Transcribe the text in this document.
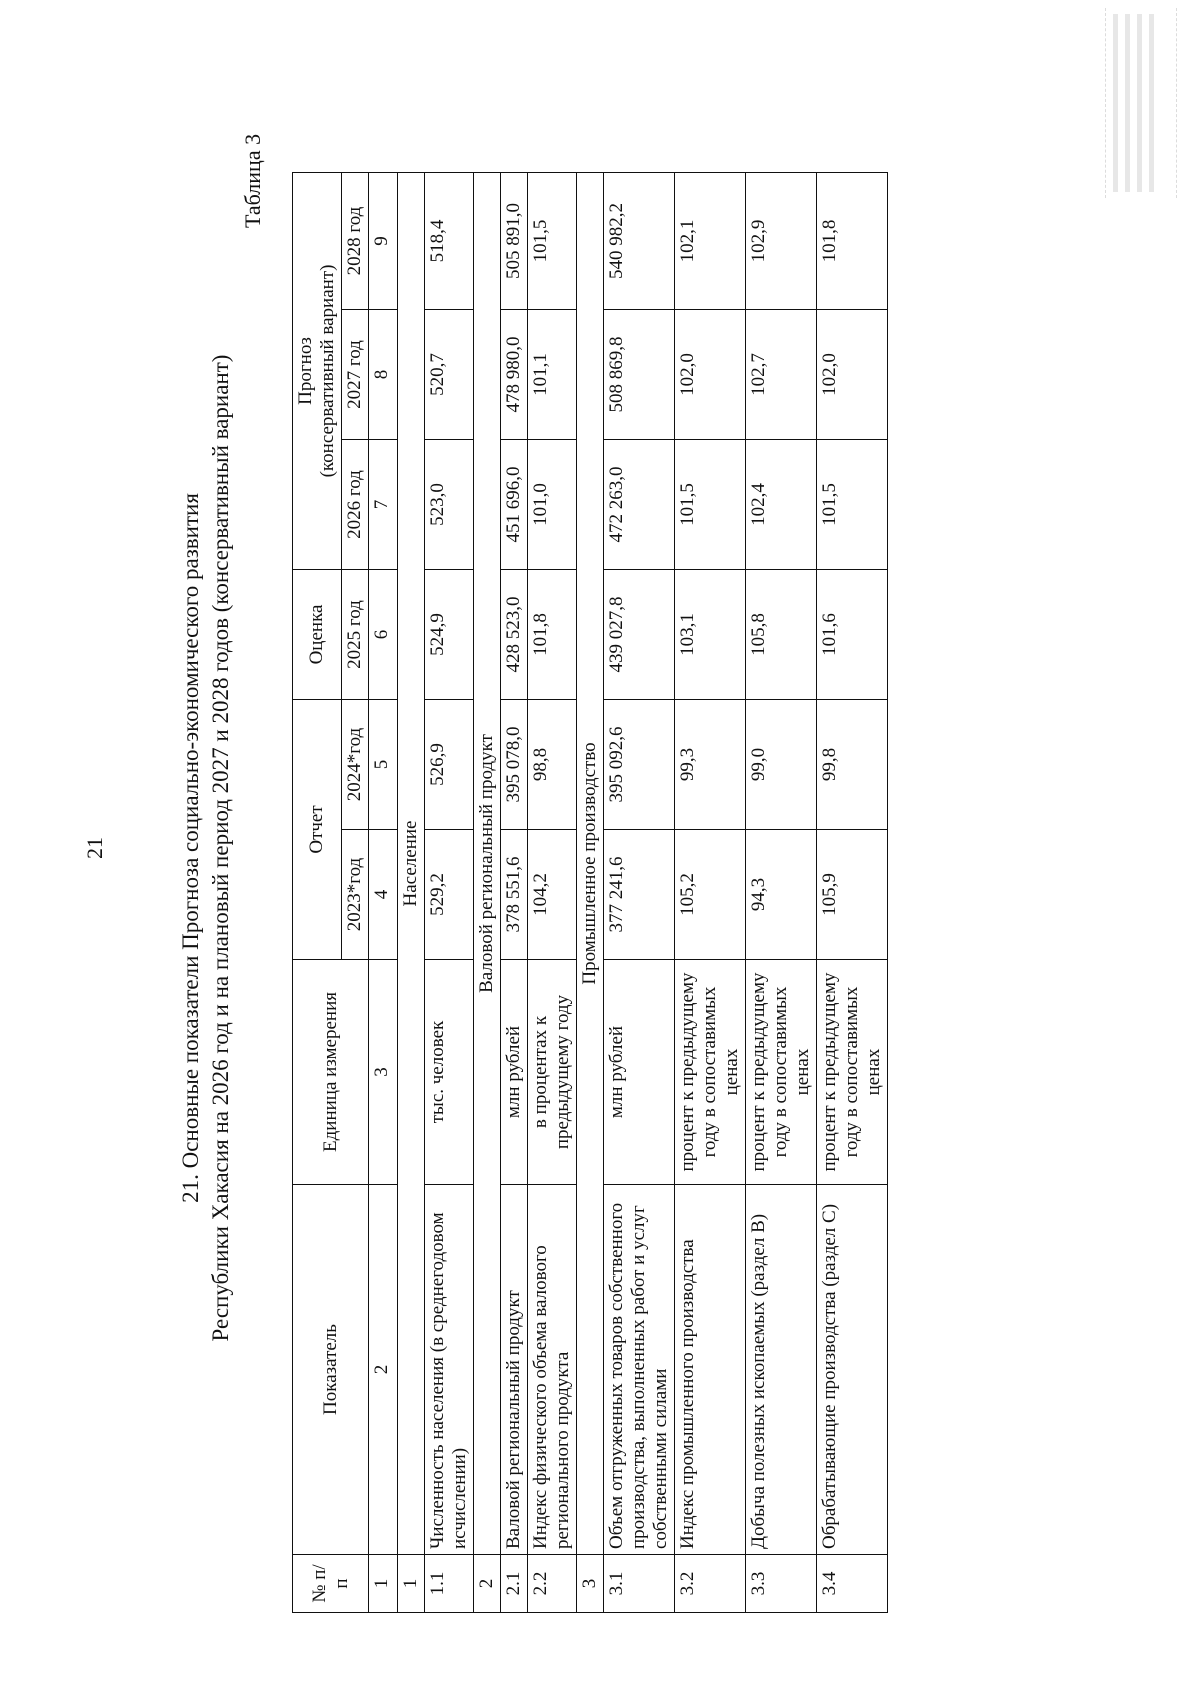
21
Таблица 3
21. Основные показатели Прогноза социально-экономического развития Республики Хакасия на 2026 год и на плановый период 2027 и 2028 годов (консервативный вариант)
№ п/п	Показатель	Единица измерения	Отчет		Оценка	Прогноз (консервативный вариант)		

			2023*год	2024*год	2025 год	2026 год	2027 год	2028 год
1	2	3	4	5	6	7	8	9
1	Население							
1.1	Численность населения (в среднегодовом исчислении)	тыс. человек	529,2	526,9	524,9	523,0	520,7	518,4
2	Валовой региональный продукт							
2.1	Валовой региональный продукт	млн рублей	378 551,6	395 078,0	428 523,0	451 696,0	478 980,0	505 891,0
2.2	Индекс физического объема валового регионального продукта	в процентах к предыдущему году	104,2	98,8	101,8	101,0	101,1	101,5
3	Промышленное производство							
3.1	Объем отгруженных товаров собственного производства, выполненных работ и услуг собственными силами	млн рублей	377 241,6	395 092,6	439 027,8	472 263,0	508 869,8	540 982,2
3.2	Индекс промышленного производства	процент к предыдущему году в сопоставимых ценах	105,2	99,3	103,1	101,5	102,0	102,1
3.3	Добыча полезных ископаемых (раздел B)	процент к предыдущему году в сопоставимых ценах	94,3	99,0	105,8	102,4	102,7	102,9
3.4	Обрабатывающие производства (раздел C)	процент к предыдущему году в сопоставимых ценах	105,9	99,8	101,6	101,5	102,0	101,8
